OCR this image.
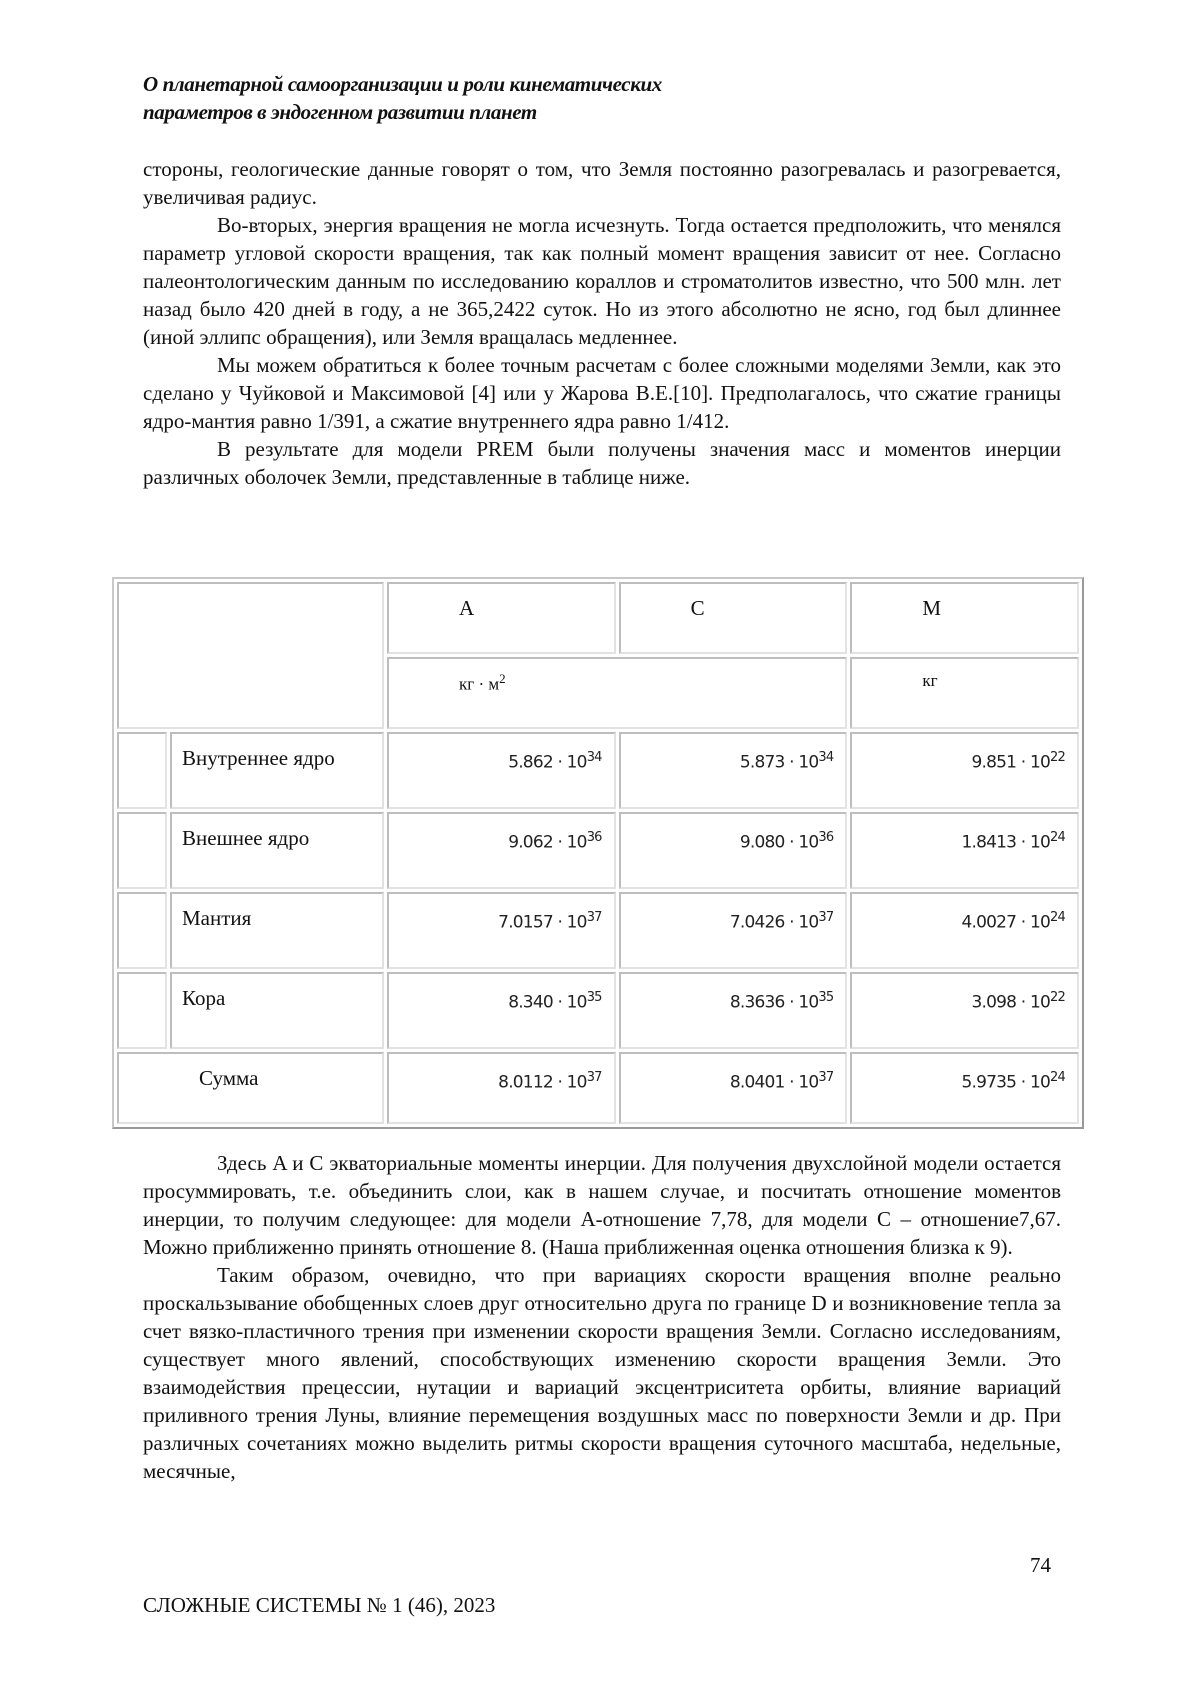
О планетарной самоорганизации и роли кинематических
параметров в эндогенном развитии планет

стороны, геологические данные говорят о том, что Земля постоянно разогревалась и разогревается, увеличивая радиус.

Во-вторых, энергия вращения не могла исчезнуть. Тогда остается предположить, что менялся параметр угловой скорости вращения, так как полный момент вращения зависит от нее. Согласно палеонтологическим данным по исследованию кораллов и строматолитов известно, что 500 млн. лет назад было 420 дней в году, а не 365,2422 суток. Но из этого абсолютно не ясно, год был длиннее (иной эллипс обращения), или Земля вращалась медленнее.

Мы можем обратиться к более точным расчетам с более сложными моделями Земли, как это сделано у Чуйковой и Максимовой [4] или у Жарова В.Е.[10]. Предполагалось, что сжатие границы ядро-мантия равно 1/391, а сжатие внутреннего ядра равно 1/412.

В результате для модели PREM были получены значения масс и моментов инерции различных оболочек Земли, представленные в таблице ниже.

		A	C	M
		кг · $м^2$		кг
	Внутреннее ядро	$5.862 \cdot 10^{34}$	$5.873 \cdot 10^{34}$	$9.851 \cdot 10^{22}$
	Внешнее ядро	$9.062 \cdot 10^{36}$	$9.080 \cdot 10^{36}$	$1.8413 \cdot 10^{24}$
	Мантия	$7.0157 \cdot 10^{37}$	$7.0426 \cdot 10^{37}$	$4.0027 \cdot 10^{24}$
	Кора	$8.340 \cdot 10^{35}$	$8.3636 \cdot 10^{35}$	$3.098 \cdot 10^{22}$
Сумма		$8.0112 \cdot 10^{37}$	$8.0401 \cdot 10^{37}$	$5.9735 \cdot 10^{24}$

Здесь A и C экваториальные моменты инерции. Для получения двухслойной модели остается просуммировать, т.е. объединить слои, как в нашем случае, и посчитать отношение моментов инерции, то получим следующее: для модели А-отношение 7,78, для модели С – отношение7,67. Можно приближенно принять отношение 8. (Наша приближенная оценка отношения близка к 9).

Таким образом, очевидно, что при вариациях скорости вращения вполне реально проскальзывание обобщенных слоев друг относительно друга по границе D и возникновение тепла за счет вязко-пластичного трения при изменении скорости вращения Земли. Согласно исследованиям, существует много явлений, способствующих изменению скорости вращения Земли. Это взаимодействия прецессии, нутации и вариаций эксцентриситета орбиты, влияние вариаций приливного трения Луны, влияние перемещения воздушных масс по поверхности Земли и др. При различных сочетаниях можно выделить ритмы скорости вращения суточного масштаба, недельные, месячные,

74
СЛОЖНЫЕ СИСТЕМЫ № 1 (46), 2023
